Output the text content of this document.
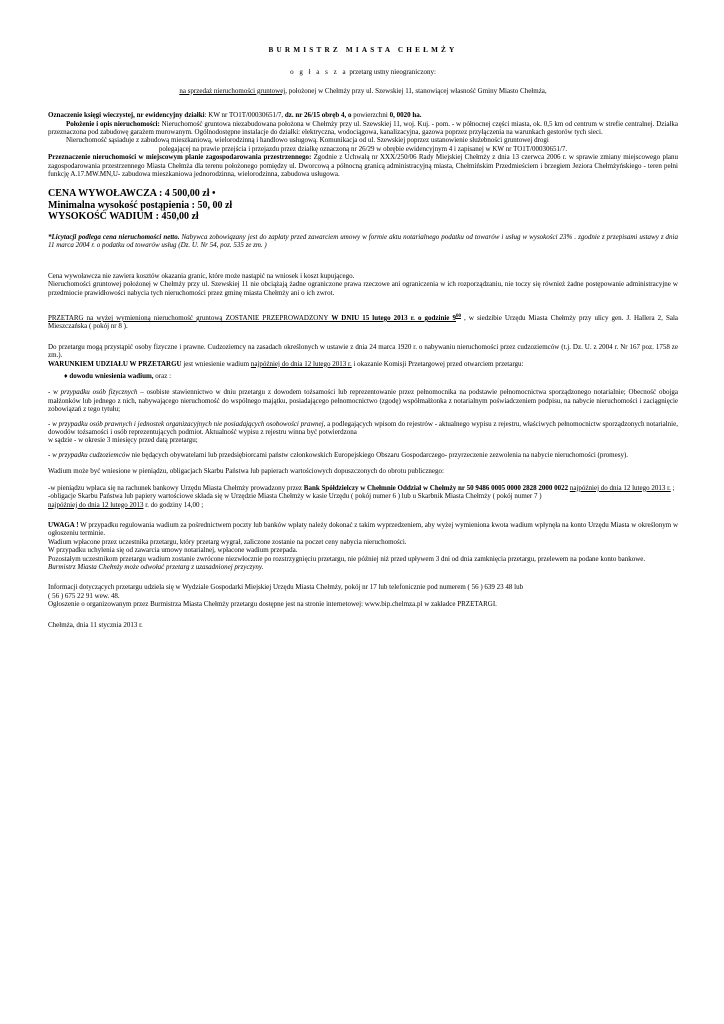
BURMISTRZ MIASTA CHEŁMŻY

o g ł a s z a przetarg ustny nieograniczony:

na sprzedaż nieruchomości gruntowej, położonej w Chełmży przy ul. Szewskiej 11, stanowiącej własność Gminy Miasto Chełmża,

Oznaczenie księgi wieczystej, nr ewidencyjny działki: KW nr TO1T/00030651/7, dz. nr 26/15 obręb 4, o powierzchni 0, 0020 ha.

Położenie i opis nieruchomości: Nieruchomość gruntowa niezabudowana położona w Chełmży przy ul. Szewskiej 11, woj. Kuj. - pom. - w północnej części miasta, ok. 0,5 km od centrum w strefie centralnej. Działka przeznaczona pod zabudowę garażem murowanym. Ogólnodostępne instalacje do działki: elektryczna, wodociągowa, kanalizacyjna, gazowa poprzez przyłączenia na warunkach gestorów tych sieci.

Nieruchomość sąsiaduje z zabudową mieszkaniową, wielorodzinną i handlowo usługową. Komunikacja od ul. Szewskiej poprzez ustanowienie służebności gruntowej drogi

polegającej na prawie przejścia i przejazdu przez działkę oznaczoną nr 26/29 w obrębie ewidencyjnym 4 i zapisanej w KW nr TO1T/00030651/7.

Przeznaczenie nieruchomości w miejscowym planie zagospodarowania przestrzennego: Zgodnie z Uchwałą nr XXX/250/06 Rady Miejskiej Chełmży z dnia 13 czerwca 2006 r. w sprawie zmiany miejscowego planu zagospodarowania przestrzennego Miasta Chełmża dla terenu położonego pomiędzy ul. Dworcową a północną granicą administracyjną miasta, Chełmińskim Przedmieściem i brzegiem Jeziora Chełmżyńskiego - teren pełni funkcję A.17.MW.MN,U- zabudowa mieszkaniowa jednorodzinna, wielorodzinna, zabudowa usługowa.

CENA WYWOŁAWCZA : 4 500,00 zł •

Minimalna wysokość postąpienia : 50, 00 zł

WYSOKOŚĆ WADIUM : 450,00 zł

*Licytacji podlega cena nieruchomości netto. Nabywca zobowiązany jest do zapłaty przed zawarciem umowy w formie aktu notarialnego podatku od towarów i usług w wysokości 23% . zgodnie z przepisami ustawy z dnia 11 marca 2004 r. o podatku od towarów usług (Dz. U. Nr 54, poz. 535 ze zm. )

Cena wywoławcza nie zawiera kosztów okazania granic, które może nastąpić na wniosek i koszt kupującego.

Nieruchomości gruntowej położonej w Chełmży przy ul. Szewskiej 11 nie obciążają żadne ograniczone prawa rzeczowe ani ograniczenia w ich rozporządzaniu, nie toczy się również żadne postępowanie administracyjne w przedmiocie prawidłowości nabycia tych nieruchomości przez gminę miasta Chełmży ani o ich zwrot.

PRZETARG na wyżej wymienioną nieruchomość gruntową ZOSTANIE PRZEPROWADZONY W DNIU 15 lutego 2013 r. o godzinie $9^{00}$ , w siedzibie Urzędu Miasta Chełmży przy ulicy gen. J. Hallera 2, Sala Mieszczańska ( pokój nr 8 ).

Do przetargu mogą przystąpić osoby fizyczne i prawne. Cudzoziemcy na zasadach określonych w ustawie z dnia 24 marca 1920 r. o nabywaniu nieruchomości przez cudzoziemców (t.j. Dz. U. z 2004 r. Nr 167 poz. 1758 ze zm.).

WARUNKIEM UDZIAŁU W PRZETARGU jest wniesienie wadium najpóźniej do dnia 12 lutego 2013 r. i okazanie Komisji Przetargowej przed otwarciem przetargu:

♦ dowodu wniesienia wadium, oraz :

- w przypadku osób fizycznych – osobiste stawiennictwo w dniu przetargu z dowodem tożsamości lub reprezentowanie przez pełnomocnika na podstawie pełnomocnictwa sporządzonego notarialnie; Obecność obojga małżonków lub jednego z nich, nabywającego nieruchomość do wspólnego majątku, posiadającego pełnomocnictwo (zgodę) współmałżonka z notarialnym poświadczeniem podpisu, na nabycie nieruchomości i zaciągnięcie zobowiązań z tego tytułu;

- w przypadku osób prawnych i jednostek organizacyjnych nie posiadających osobowości prawnej, a podlegających wpisom do rejestrów - aktualnego wypisu z rejestru, właściwych pełnomocnictw sporządzonych notarialnie, dowodów tożsamości i osób reprezentujących podmiot. Aktualność wypisu z rejestru winna być potwierdzona

w sądzie - w okresie 3 miesięcy przed datą przetargu;

- w przypadku cudzoziemców nie będących obywatelami lub przedsiębiorcami państw członkowskich Europejskiego Obszaru Gospodarczego- przyrzeczenie zezwolenia na nabycie nieruchomości (promesy).

Wadium może być wniesione w pieniądzu, obligacjach Skarbu Państwa lub papierach wartościowych dopuszczonych do obrotu publicznego:

-w pieniądzu wpłaca się na rachunek bankowy Urzędu Miasta Chełmży prowadzony przez Bank Spółdzielczy w Chełmnie Oddział w Chełmży nr 50 9486 0005 0000 2828 2000 0022 najpóźniej do dnia 12 lutego 2013 r. ;

-obligacje Skarbu Państwa lub papiery wartościowe składa się w Urzędzie Miasta Chełmży w kasie Urzędu ( pokój numer 6 ) lub u Skarbnik Miasta Chełmży ( pokój numer 7 )

najpóźniej do dnia 12 lutego 2013 r. do godziny 14,00 ;

UWAGA ! W przypadku regulowania wadium za pośrednictwem poczty lub banków wpłaty należy dokonać z takim wyprzedzeniem, aby wyżej wymieniona kwota wadium wpłynęła na konto Urzędu Miasta w określonym w ogłoszeniu terminie.

Wadium wpłacone przez uczestnika przetargu, który przetarg wygrał, zaliczone zostanie na poczet ceny nabycia nieruchomości.

W przypadku uchylenia się od zawarcia umowy notarialnej, wpłacone wadium przepada.

Pozostałym uczestnikom przetargu wadium zostanie zwrócone niezwłocznie po rozstrzygnięciu przetargu, nie później niż przed upływem 3 dni od dnia zamknięcia przetargu, przelewem na podane konto bankowe.

Burmistrz Miasta Chełmży może odwołać przetarg z uzasadnionej przyczyny.

Informacji dotyczących przetargu udziela się w Wydziale Gospodarki Miejskiej Urzędu Miasta Chełmży, pokój nr 17 lub telefonicznie pod numerem ( 56 ) 639 23 48 lub

( 56 ) 675 22 91 wew. 48.

Ogłoszenie o organizowanym przez Burmistrza Miasta Chełmży przetargu dostępne jest na stronie internetowej: www.bip.chelmza.pl w zakładce PRZETARGI.

Chełmża, dnia 11 stycznia 2013 r.
